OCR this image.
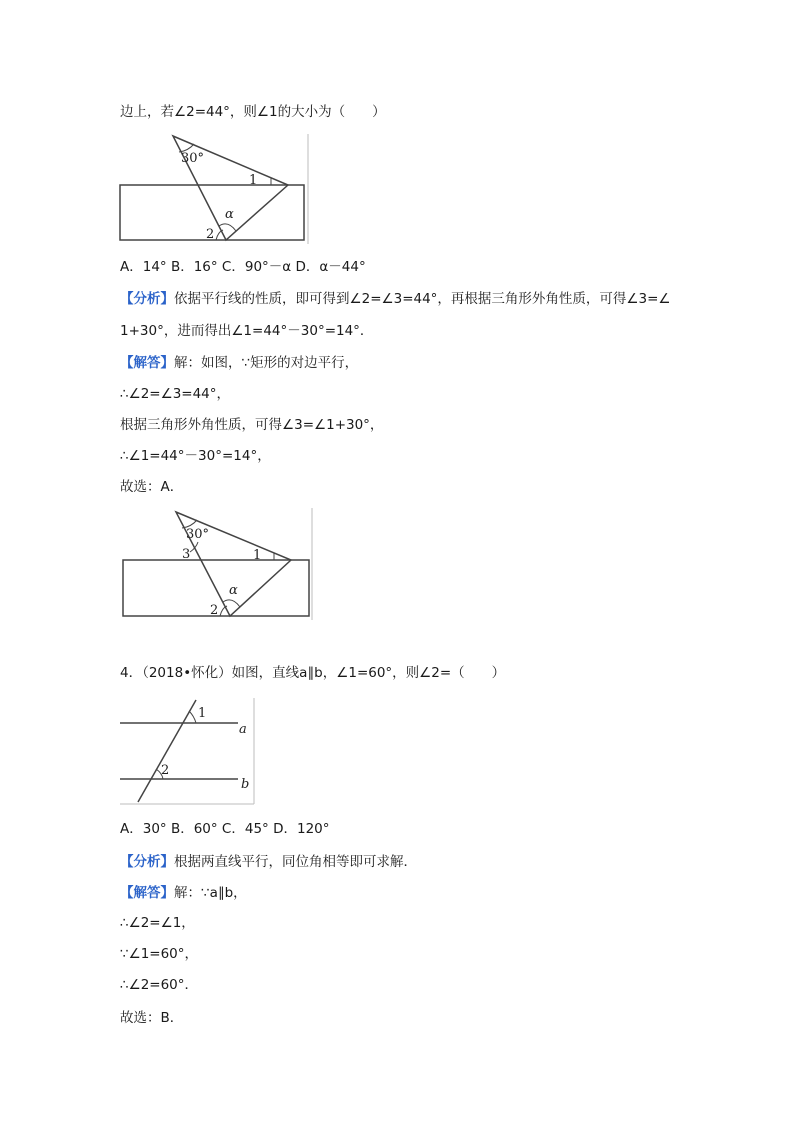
边上，若∠2=44°，则∠1的大小为（　　）
30°
1
α
2
A．14° B．16° C．90°－α D．α－44°
【分析】依据平行线的性质，即可得到∠2=∠3=44°，再根据三角形外角性质，可得∠3=∠
1+30°，进而得出∠1=44°－30°=14°．
【解答】解：如图，∵矩形的对边平行，
∴∠2=∠3=44°，
根据三角形外角性质，可得∠3=∠1+30°，
∴∠1=44°－30°=14°，
故选：A．
30°
3	1
α
2
4．（2018•怀化）如图，直线a∥b，∠1=60°，则∠2=（　　）
1
2
a
b
A．30° B．60° C．45° D．120°
【分析】根据两直线平行，同位角相等即可求解．
【解答】解：∵a∥b，
∴∠2=∠1，
∵∠1=60°，
∴∠2=60°．
故选：B．
